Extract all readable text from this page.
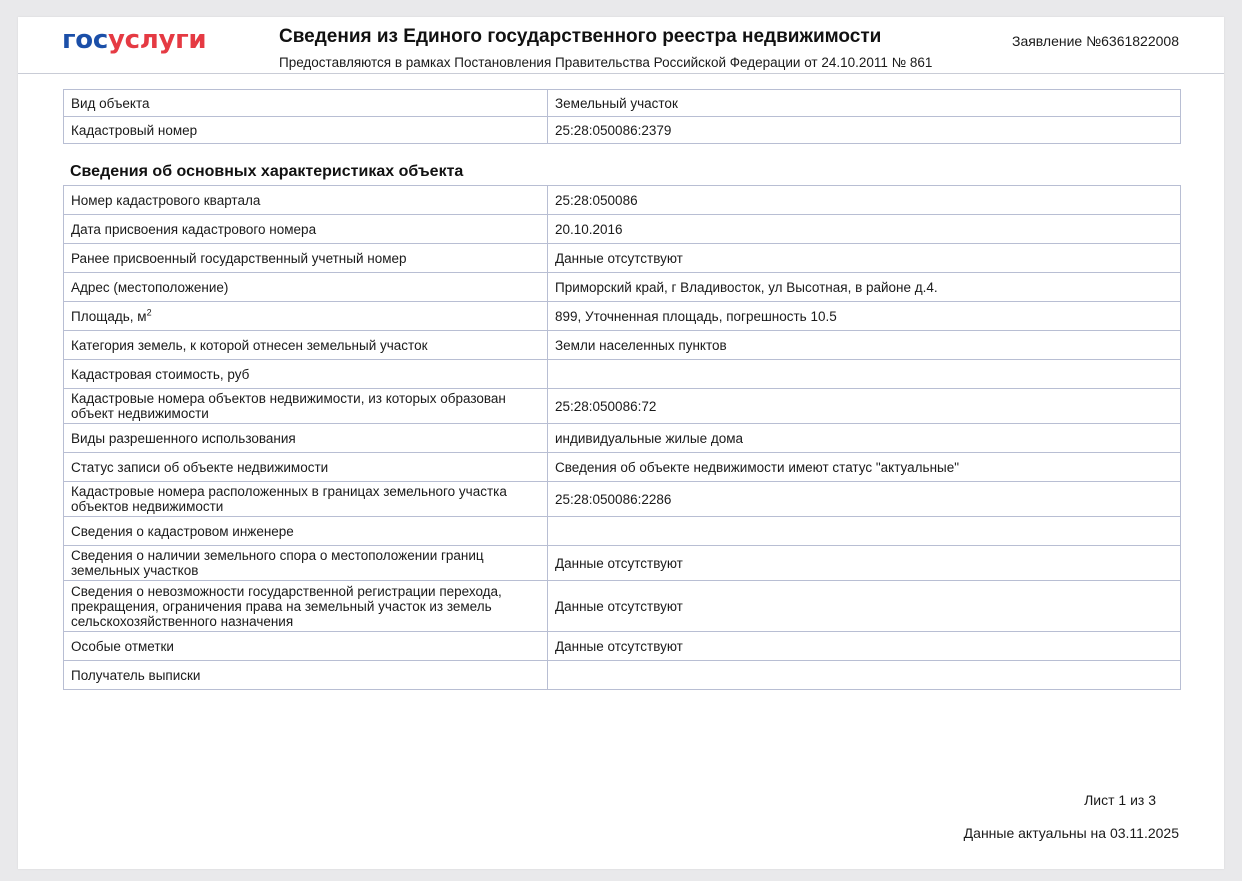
госуслуги	Сведения из Единого государственного реестра недвижимости
Предоставляются в рамках Постановления Правительства Российской Федерации от 24.10.2011 № 861
Заявление №6361822008
Вид объекта	Земельный участок
Кадастровый номер	25:28:050086:2379
Сведения об основных характеристиках объекта
Номер кадастрового квартала	25:28:050086
Дата присвоения кадастрового номера	20.10.2016
Ранее присвоенный государственный учетный номер	Данные отсутствуют
Адрес (местоположение)	Приморский край, г Владивосток, ул Высотная, в районе д.4.
Площадь, $м^2$	899, Уточненная площадь, погрешность 10.5
Категория земель, к которой отнесен земельный участок	Земли населенных пунктов
Кадастровая стоимость, руб	
Кадастровые номера объектов недвижимости, из которых образован объект недвижимости	25:28:050086:72
Виды разрешенного использования	индивидуальные жилые дома
Статус записи об объекте недвижимости	Сведения об объекте недвижимости имеют статус "актуальные"
Кадастровые номера расположенных в границах земельного участка объектов недвижимости	25:28:050086:2286
Сведения о кадастровом инженере	
Сведения о наличии земельного спора о местоположении границ земельных участков	Данные отсутствуют
Сведения о невозможности государственной регистрации перехода, прекращения, ограничения права на земельный участок из земель сельскохозяйственного назначения	Данные отсутствуют
Особые отметки	Данные отсутствуют
Получатель выписки	
Лист 1 из 3
Данные актуальны на 03.11.2025
